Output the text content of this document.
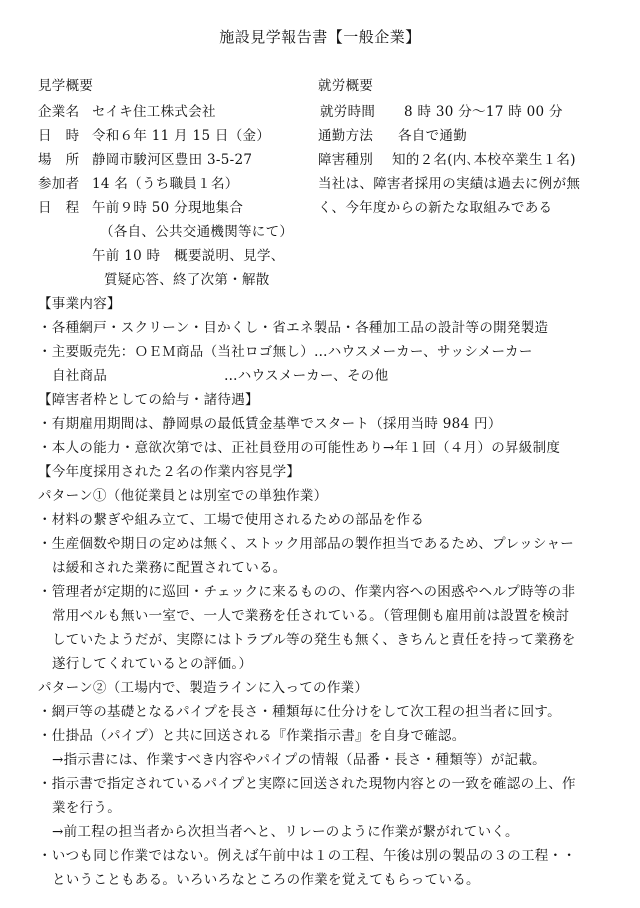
施設見学報告書【一般企業】
見学概要
企業名 セイキ住工株式会社
日　時 令和６年 11 月 15 日（金）
場　所 静岡市駿河区豊田 3-5-27
参加者 14 名（うち職員１名）
日　程 午前９時 50 分現地集合
（各自、公共交通機関等にて）
午前 10 時　概要説明、見学、
質疑応答、終了次第・解散
就労概要
就労時間 8 時 30 分～17 時 00 分
通勤方法 各自で通勤
障害種別 知的２名(内､本校卒業生１名)
当社は、障害者採用の実績は過去に例が無
く、今年度からの新たな取組みである
【事業内容】
・各種網戸・スクリーン・目かくし・省エネ製品・各種加工品の設計等の開発製造
・主要販売先：ＯＥＭ商品（当社ロゴ無し）…ハウスメーカー、サッシメーカー
自社商品	…ハウスメーカー、その他
【障害者枠としての給与・諸待遇】
・有期雇用期間は、静岡県の最低賃金基準でスタート（採用当時 984 円）
・本人の能力・意欲次第では、正社員登用の可能性あり→年１回（４月）の昇級制度
【今年度採用された２名の作業内容見学】
パターン①（他従業員とは別室での単独作業）
・材料の繋ぎや組み立て、工場で使用されるための部品を作る
・生産個数や期日の定めは無く、ストック用部品の製作担当であるため、プレッシャー
は緩和された業務に配置されている。
・管理者が定期的に巡回・チェックに来るものの、作業内容への困惑やヘルプ時等の非
常用ベルも無い一室で、一人で業務を任されている。（管理側も雇用前は設置を検討
していたようだが、実際にはトラブル等の発生も無く、きちんと責任を持って業務を
遂行してくれているとの評価。）
パターン②（工場内で、製造ラインに入っての作業）
・網戸等の基礎となるパイプを長さ・種類毎に仕分けをして次工程の担当者に回す。
・仕掛品（パイプ）と共に回送される『作業指示書』を自身で確認。
→指示書には、作業すべき内容やパイプの情報（品番・長さ・種類等）が記載。
・指示書で指定されているパイプと実際に回送された現物内容との一致を確認の上、作
業を行う。
→前工程の担当者から次担当者へと、リレーのように作業が繋がれていく。
・いつも同じ作業ではない。例えば午前中は１の工程、午後は別の製品の３の工程・・
ということもある。いろいろなところの作業を覚えてもらっている。
